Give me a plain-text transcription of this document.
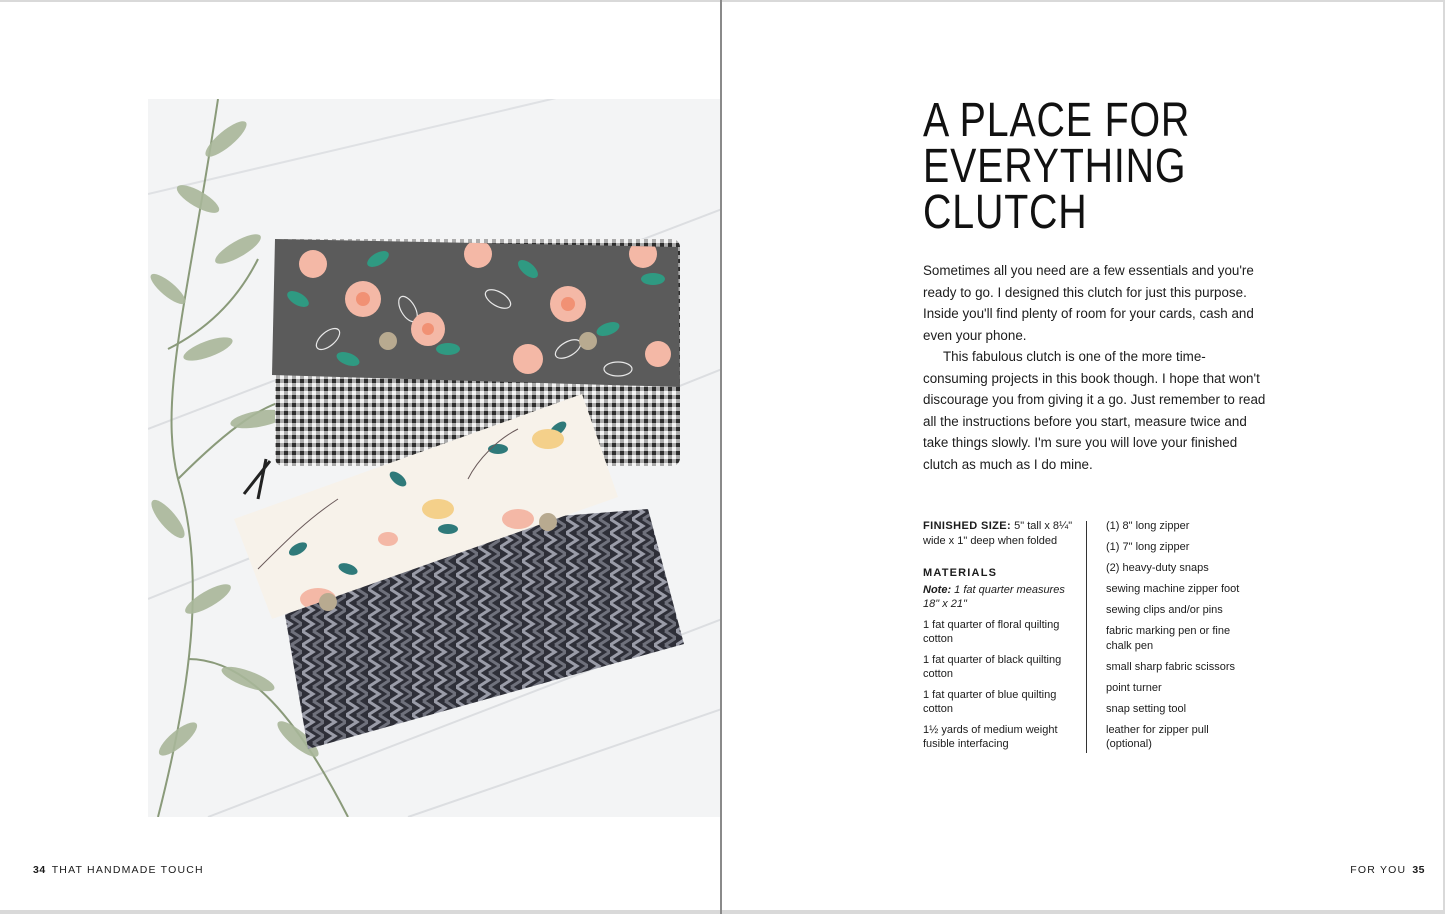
34 THAT HANDMADE TOUCH
A PLACE FOR
EVERYTHING
CLUTCH

Sometimes all you need are a few essentials and you're ready to go. I designed this clutch for just this purpose. Inside you'll find plenty of room for your cards, cash and even your phone.

This fabulous clutch is one of the more time-consuming projects in this book though. I hope that won't discourage you from giving it a go. Just remember to read all the instructions before you start, measure twice and take things slowly. I'm sure you will love your finished clutch as much as I do mine.

FINISHED SIZE: 5" tall x 8¼" wide x 1" deep when folded
MATERIALS
Note: 1 fat quarter measures 18" x 21"
1 fat quarter of floral quilting cotton
1 fat quarter of black quilting cotton
1 fat quarter of blue quilting cotton
1½ yards of medium weight fusible interfacing
(1) 8" long zipper
(1) 7" long zipper
(2) heavy-duty snaps
sewing machine zipper foot
sewing clips and/or pins
fabric marking pen or fine chalk pen
small sharp fabric scissors
point turner
snap setting tool
leather for zipper pull (optional)
FOR YOU 35
